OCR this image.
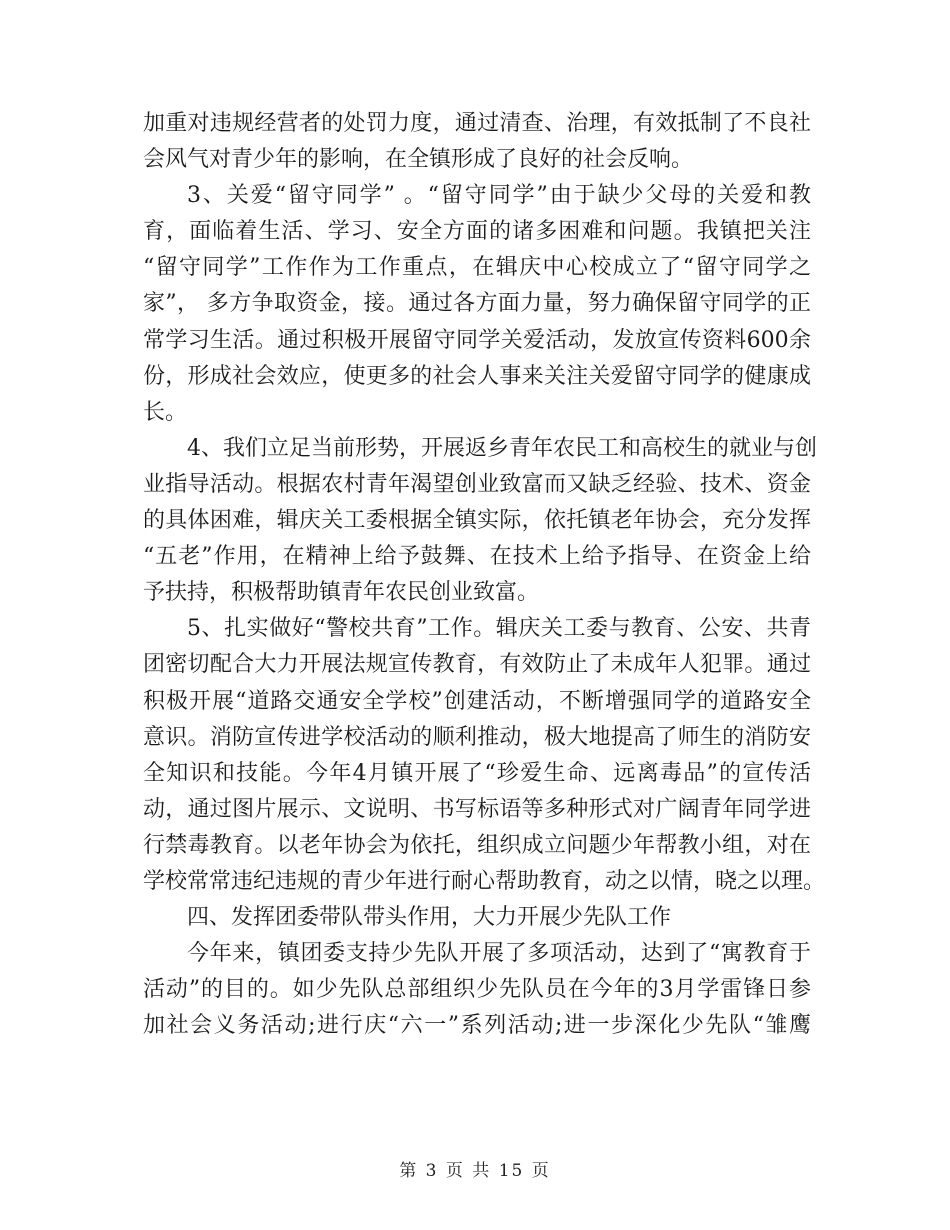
加重对违规经营者的处罚力度，通过清查、治理，有效抵制了不良社
会风气对青少年的影响，在全镇形成了良好的社会反响。
3、关爱“留守同学” 。“留守同学”由于缺少父母的关爱和教
育，面临着生活、学习、安全方面的诸多困难和问题。我镇把关注
“留守同学”工作作为工作重点，在辑庆中心校成立了“留守同学之
家”， 多方争取资金，接。通过各方面力量，努力确保留守同学的正
常学习生活。通过积极开展留守同学关爱活动，发放宣传资料600余
份，形成社会效应，使更多的社会人事来关注关爱留守同学的健康成
长。
4、我们立足当前形势，开展返乡青年农民工和高校生的就业与创
业指导活动。根据农村青年渴望创业致富而又缺乏经验、技术、资金
的具体困难，辑庆关工委根据全镇实际，依托镇老年协会，充分发挥
“五老”作用，在精神上给予鼓舞、在技术上给予指导、在资金上给
予扶持，积极帮助镇青年农民创业致富。
5、扎实做好“警校共育”工作。辑庆关工委与教育、公安、共青
团密切配合大力开展法规宣传教育，有效防止了未成年人犯罪。通过
积极开展“道路交通安全学校”创建活动，不断增强同学的道路安全
意识。消防宣传进学校活动的顺利推动，极大地提高了师生的消防安
全知识和技能。今年4月镇开展了“珍爱生命、远离毒品”的宣传活
动，通过图片展示、文说明、书写标语等多种形式对广阔青年同学进
行禁毒教育。以老年协会为依托，组织成立问题少年帮教小组，对在
学校常常违纪违规的青少年进行耐心帮助教育，动之以情，晓之以理。
四、发挥团委带队带头作用，大力开展少先队工作
今年来，镇团委支持少先队开展了多项活动，达到了“寓教育于
活动”的目的。如少先队总部组织少先队员在今年的3月学雷锋日参
加社会义务活动;进行庆“六一”系列活动;进一步深化少先队“雏鹰
第 3 页 共 15 页
